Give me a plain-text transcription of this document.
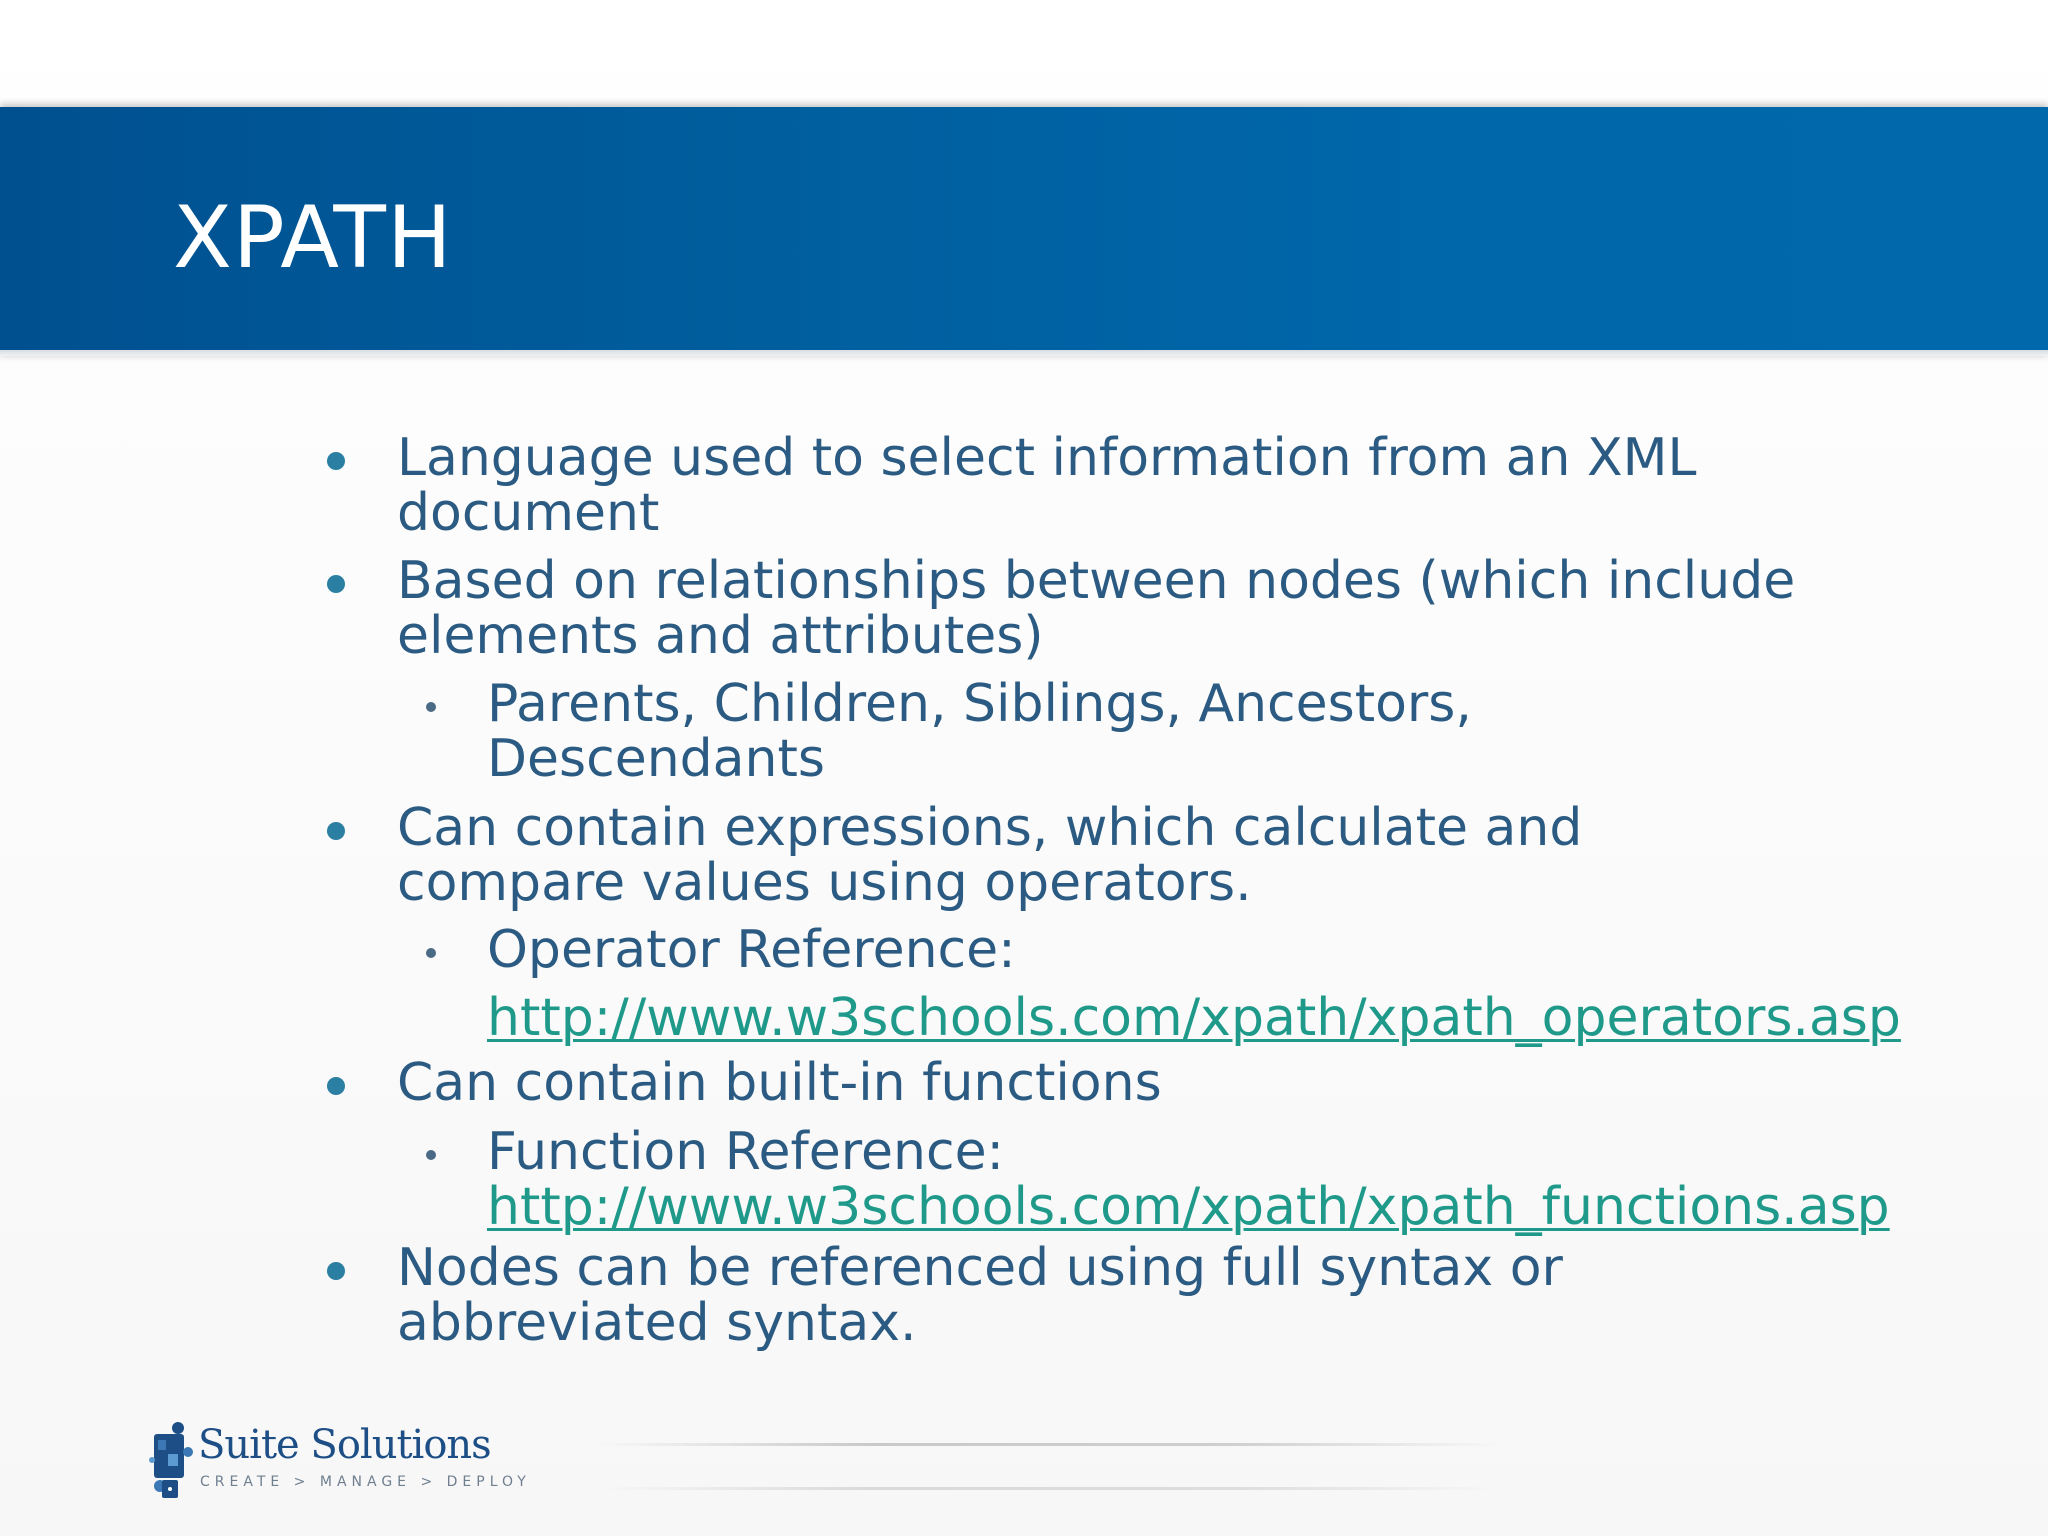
XPATH

Language used to select information from an XML
document

Based on relationships between nodes (which include
elements and attributes)

Parents, Children, Siblings, Ancestors,
Descendants

Can contain expressions, which calculate and
compare values using operators.

Operator Reference:

http://www.w3schools.com/xpath/xpath_operators.asp

Can contain built-in functions

Function Reference:
http://www.w3schools.com/xpath/xpath_functions.asp

Nodes can be referenced using full syntax or
abbreviated syntax.

Suite Solutions
CREATE > MANAGE > DEPLOY
